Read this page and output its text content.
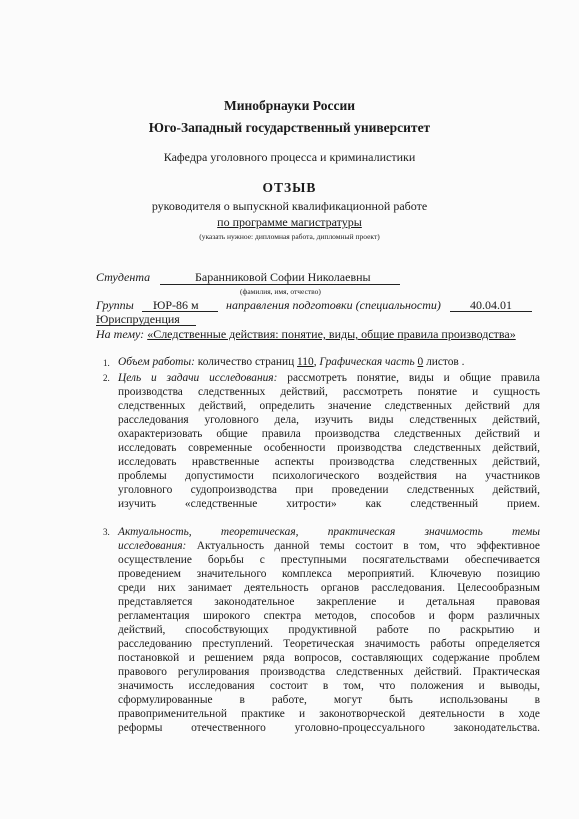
Минобрнауки России
Юго-Западный государственный университет
Кафедра уголовного процесса и криминалистики
ОТЗЫВ
руководителя о выпускной квалификационной работе
по программе магистратуры
(указать нужное: дипломная работа, дипломный проект)
Студента	Баранниковой Софии Николаевны
(фамилия, имя, отчество)
Группы ЮР-86 м направления подготовки (специальности) 40.04.01
Юриспруденция
На тему: «Следственные действия: понятие, виды, общие правила производства»
1. Объем работы: количество страниц 110, Графическая часть 0 листов .
2. Цель и задачи исследования: рассмотреть понятие, виды и общие правила
производства следственных действий, рассмотреть понятие и сущность
следственных действий, определить значение следственных действий для
расследования уголовного дела, изучить виды следственных действий,
охарактеризовать общие правила производства следственных действий и
исследовать современные особенности производства следственных действий,
исследовать нравственные аспекты производства следственных действий,
проблемы допустимости психологического воздействия на участников
уголовного судопроизводства при проведении следственных действий,
изучить «следственные хитрости» как следственный прием.
3. Актуальность, теоретическая, практическая значимость темы
исследования: Актуальность данной темы состоит в том, что эффективное
осуществление борьбы с преступными посягательствами обеспечивается
проведением значительного комплекса мероприятий. Ключевую позицию
среди них занимает деятельность органов расследования. Целесообразным
представляется законодательное закрепление и детальная правовая
регламентация широкого спектра методов, способов и форм различных
действий, способствующих продуктивной работе по раскрытию и
расследованию преступлений. Теоретическая значимость работы определяется
постановкой и решением ряда вопросов, составляющих содержание проблем
правового регулирования производства следственных действий. Практическая
значимость исследования состоит в том, что положения и выводы,
сформулированные в работе, могут быть использованы в
правоприменительной практике и законотворческой деятельности в ходе
реформы отечественного уголовно-процессуального законодательства.
